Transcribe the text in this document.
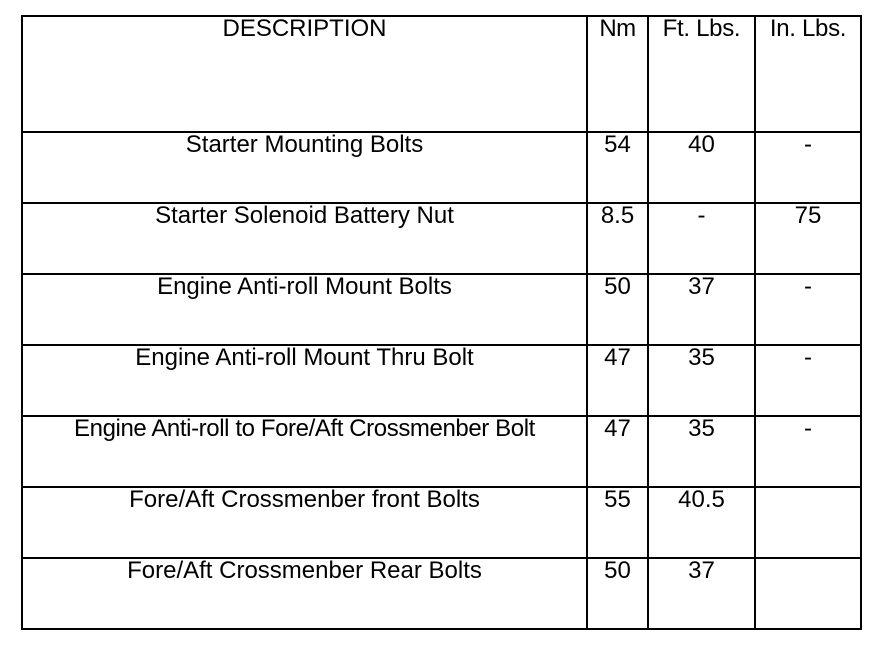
DESCRIPTION	Nm	Ft. Lbs.	In. Lbs.
Starter Mounting Bolts	54	40	-
Starter Solenoid Battery Nut	8.5	-	75
Engine Anti-roll Mount Bolts	50	37	-
Engine Anti-roll Mount Thru Bolt	47	35	-
Engine Anti-roll to Fore/Aft Crossmenber Bolt	47	35	-
Fore/Aft Crossmenber front Bolts	55	40.5	
Fore/Aft Crossmenber Rear Bolts	50	37	
